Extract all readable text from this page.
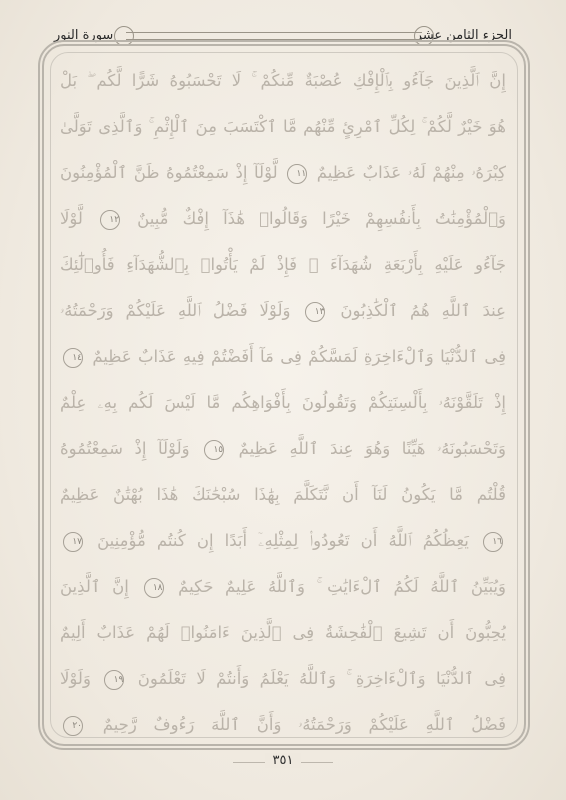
الجزء الثامن عشر
سورة النور
إِنَّ ٱلَّذِينَ جَآءُو بِٱلْإِفْكِ عُصْبَةٌ مِّنكُمْ ۚ لَا تَحْسَبُوهُ شَرًّا لَّكُم ۖ بَلْ
هُوَ خَيْرٌ لَّكُمْ ۚ لِكُلِّ ٱمْرِئٍ مِّنْهُم مَّا ٱكْتَسَبَ مِنَ ٱلْإِثْمِ ۚ وَٱلَّذِى تَوَلَّىٰ
كِبْرَهُۥ مِنْهُمْ لَهُۥ عَذَابٌ عَظِيمٌ ١١ لَّوْلَآ إِذْ سَمِعْتُمُوهُ ظَنَّ ٱلْمُؤْمِنُونَ
وَٱلْمُؤْمِنَٰتُ بِأَنفُسِهِمْ خَيْرًا وَقَالُوا۟ هَٰذَآ إِفْكٌ مُّبِينٌ ١٢ لَّوْلَا
جَآءُو عَلَيْهِ بِأَرْبَعَةِ شُهَدَآءَ ۚ فَإِذْ لَمْ يَأْتُوا۟ بِٱلشُّهَدَآءِ فَأُو۟لَٰٓئِكَ
عِندَ ٱللَّهِ هُمُ ٱلْكَٰذِبُونَ ١٣ وَلَوْلَا فَضْلُ ٱللَّهِ عَلَيْكُمْ وَرَحْمَتُهُۥ
فِى ٱلدُّنْيَا وَٱلْءَاخِرَةِ لَمَسَّكُمْ فِى مَآ أَفَضْتُمْ فِيهِ عَذَابٌ عَظِيمٌ ١٤
إِذْ تَلَقَّوْنَهُۥ بِأَلْسِنَتِكُمْ وَتَقُولُونَ بِأَفْوَاهِكُم مَّا لَيْسَ لَكُم بِهِۦ عِلْمٌ
وَتَحْسَبُونَهُۥ هَيِّنًا وَهُوَ عِندَ ٱللَّهِ عَظِيمٌ ١٥ وَلَوْلَآ إِذْ سَمِعْتُمُوهُ
قُلْتُم مَّا يَكُونُ لَنَآ أَن نَّتَكَلَّمَ بِهَٰذَا سُبْحَٰنَكَ هَٰذَا بُهْتَٰنٌ عَظِيمٌ
١٦ يَعِظُكُمُ ٱللَّهُ أَن تَعُودُوا۟ لِمِثْلِهِۦٓ أَبَدًا إِن كُنتُم مُّؤْمِنِينَ ١٧
وَيُبَيِّنُ ٱللَّهُ لَكُمُ ٱلْءَايَٰتِ ۚ وَٱللَّهُ عَلِيمٌ حَكِيمٌ ١٨ إِنَّ ٱلَّذِينَ
يُحِبُّونَ أَن تَشِيعَ ٱلْفَٰحِشَةُ فِى ٱلَّذِينَ ءَامَنُوا۟ لَهُمْ عَذَابٌ أَلِيمٌ
فِى ٱلدُّنْيَا وَٱلْءَاخِرَةِ ۚ وَٱللَّهُ يَعْلَمُ وَأَنتُمْ لَا تَعْلَمُونَ ١٩ وَلَوْلَا
فَضْلُ ٱللَّهِ عَلَيْكُمْ وَرَحْمَتُهُۥ وَأَنَّ ٱللَّهَ رَءُوفٌ رَّحِيمٌ ٢٠
٣٥١
